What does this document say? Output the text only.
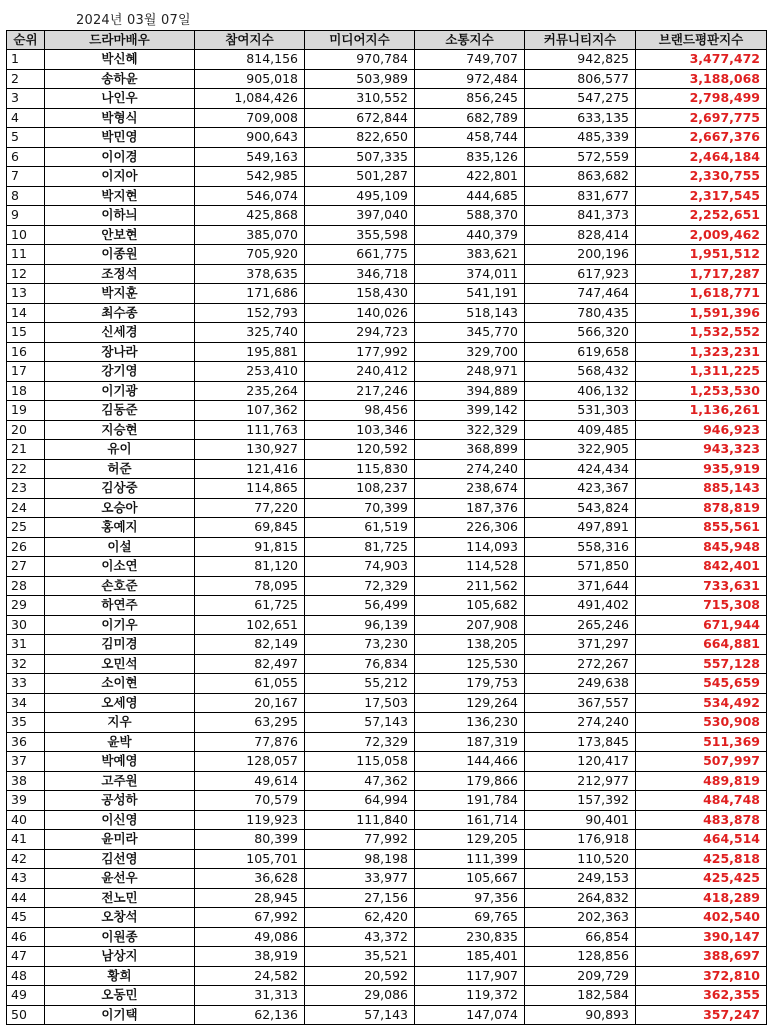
2024년 03월 07일
순위	드라마배우	참여지수	미디어지수	소통지수	커뮤니티지수	브랜드평판지수
1	박신혜	814,156	970,784	749,707	942,825	3,477,472
2	송하윤	905,018	503,989	972,484	806,577	3,188,068
3	나인우	1,084,426	310,552	856,245	547,275	2,798,499
4	박형식	709,008	672,844	682,789	633,135	2,697,775
5	박민영	900,643	822,650	458,744	485,339	2,667,376
6	이이경	549,163	507,335	835,126	572,559	2,464,184
7	이지아	542,985	501,287	422,801	863,682	2,330,755
8	박지현	546,074	495,109	444,685	831,677	2,317,545
9	이하늬	425,868	397,040	588,370	841,373	2,252,651
10	안보현	385,070	355,598	440,379	828,414	2,009,462
11	이종원	705,920	661,775	383,621	200,196	1,951,512
12	조정석	378,635	346,718	374,011	617,923	1,717,287
13	박지훈	171,686	158,430	541,191	747,464	1,618,771
14	최수종	152,793	140,026	518,143	780,435	1,591,396
15	신세경	325,740	294,723	345,770	566,320	1,532,552
16	장나라	195,881	177,992	329,700	619,658	1,323,231
17	강기영	253,410	240,412	248,971	568,432	1,311,225
18	이기광	235,264	217,246	394,889	406,132	1,253,530
19	김동준	107,362	98,456	399,142	531,303	1,136,261
20	지승현	111,763	103,346	322,329	409,485	946,923
21	유이	130,927	120,592	368,899	322,905	943,323
22	허준	121,416	115,830	274,240	424,434	935,919
23	김상중	114,865	108,237	238,674	423,367	885,143
24	오승아	77,220	70,399	187,376	543,824	878,819
25	홍예지	69,845	61,519	226,306	497,891	855,561
26	이설	91,815	81,725	114,093	558,316	845,948
27	이소연	81,120	74,903	114,528	571,850	842,401
28	손호준	78,095	72,329	211,562	371,644	733,631
29	하연주	61,725	56,499	105,682	491,402	715,308
30	이기우	102,651	96,139	207,908	265,246	671,944
31	김미경	82,149	73,230	138,205	371,297	664,881
32	오민석	82,497	76,834	125,530	272,267	557,128
33	소이현	61,055	55,212	179,753	249,638	545,659
34	오세영	20,167	17,503	129,264	367,557	534,492
35	지우	63,295	57,143	136,230	274,240	530,908
36	윤박	77,876	72,329	187,319	173,845	511,369
37	박예영	128,057	115,058	144,466	120,417	507,997
38	고주원	49,614	47,362	179,866	212,977	489,819
39	공성하	70,579	64,994	191,784	157,392	484,748
40	이신영	119,923	111,840	161,714	90,401	483,878
41	윤미라	80,399	77,992	129,205	176,918	464,514
42	김선영	105,701	98,198	111,399	110,520	425,818
43	윤선우	36,628	33,977	105,667	249,153	425,425
44	전노민	28,945	27,156	97,356	264,832	418,289
45	오창석	67,992	62,420	69,765	202,363	402,540
46	이원종	49,086	43,372	230,835	66,854	390,147
47	남상지	38,919	35,521	185,401	128,856	388,697
48	황희	24,582	20,592	117,907	209,729	372,810
49	오동민	31,313	29,086	119,372	182,584	362,355
50	이기택	62,136	57,143	147,074	90,893	357,247
